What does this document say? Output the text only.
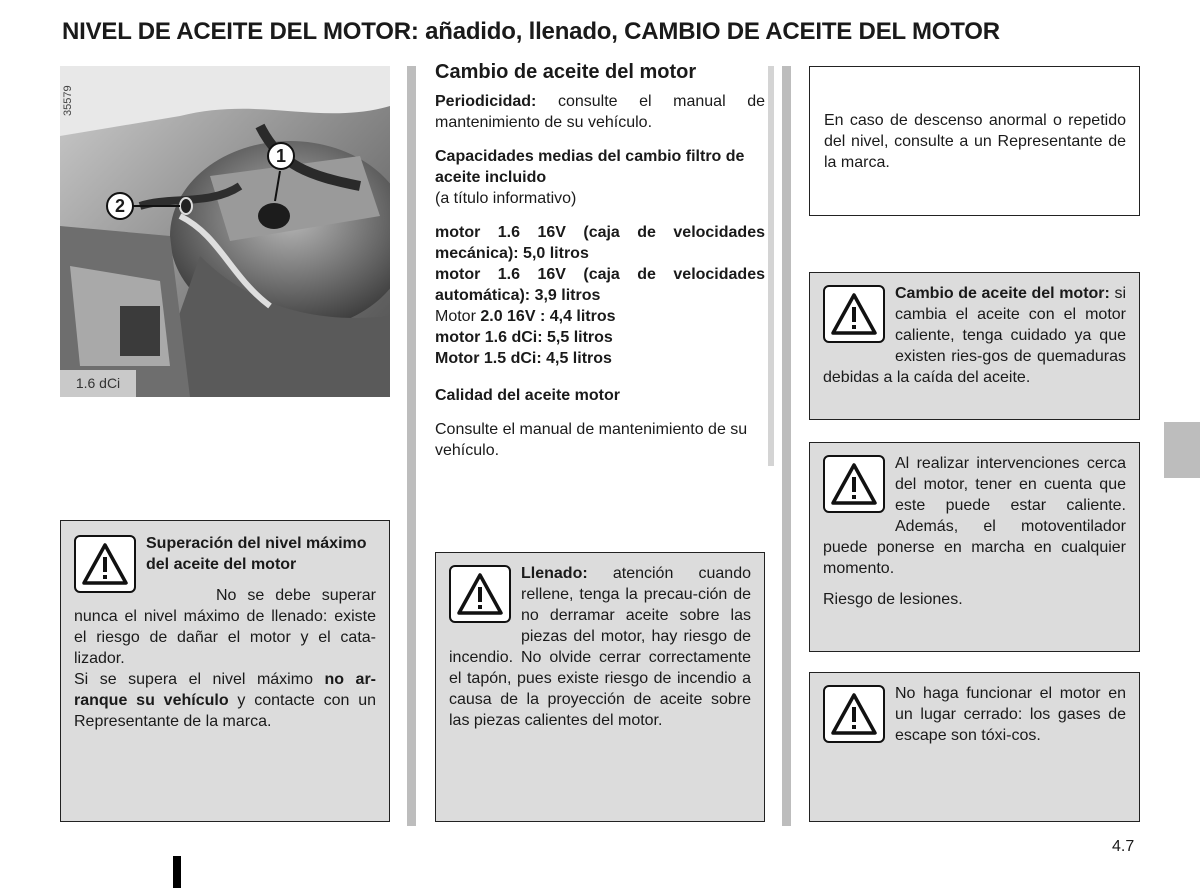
NIVEL DE ACEITE DEL MOTOR: añadido, llenado, CAMBIO DE ACEITE DEL MOTOR
35579
1
2
1.6 dCi
Cambio de aceite del motor

Periodicidad: consulte el manual de mantenimiento de su vehículo.

Capacidades medias del cambio filtro de aceite incluido
(a título informativo)

motor 1.6 16V (caja de velocidades mecánica): 5,0 litros
motor 1.6 16V (caja de velocidades automática): 3,9 litros
Motor 2.0 16V : 4,4 litros
motor 1.6 dCi: 5,5 litros
Motor 1.5 dCi: 4,5 litros

Calidad del aceite motor

Consulte el manual de mantenimiento de su vehículo.

Superación del nivel máximo del aceite del motor

No se debe superar nunca el nivel máximo de llenado: existe el riesgo de dañar el motor y el cata-lizador.

Si se supera el nivel máximo no ar-ranque su vehículo y contacte con un Representante de la marca.

Llenado: atención cuando rellene, tenga la precau-ción de no derramar aceite sobre las piezas del motor, hay riesgo de incendio. No olvide cerrar correctamente el tapón, pues existe riesgo de incendio a causa de la proyección de aceite sobre las piezas calientes del motor.

En caso de descenso anormal o repetido del nivel, consulte a un Representante de la marca.

Cambio de aceite del motor: si cambia el aceite con el motor caliente, tenga cuidado ya que existen ries-gos de quemaduras debidas a la caída del aceite.

Al realizar intervenciones cerca del motor, tener en cuenta que este puede estar caliente. Además, el motoventilador puede ponerse en marcha en cualquier momento.

Riesgo de lesiones.

No haga funcionar el motor en un lugar cerrado: los gases de escape son tóxi-cos.

4.7
